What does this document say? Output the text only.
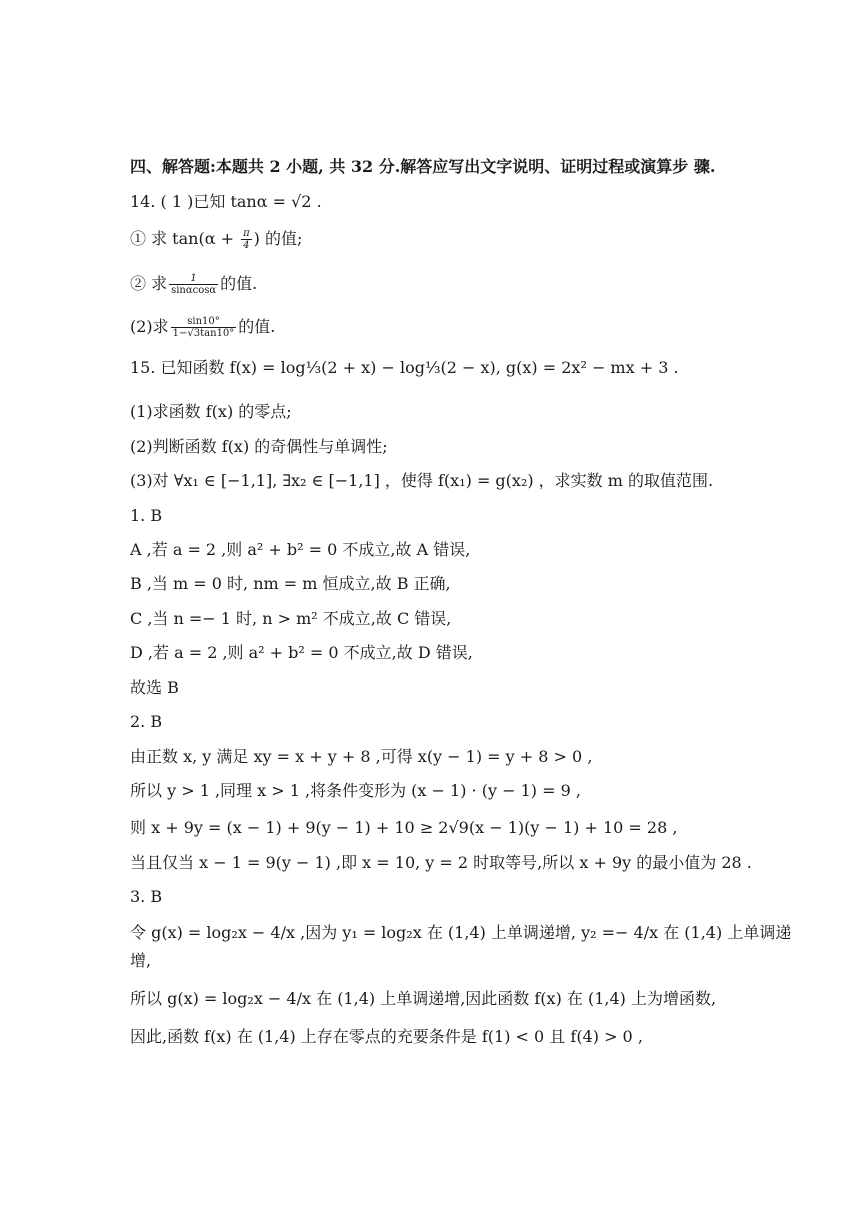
四、解答题:本题共 2 小题, 共 32 分.解答应写出文字说明、证明过程或演算步 骤.
14. ( 1 )已知 tanα = √2 .
① 求 $\tan(\alpha + \frac{\pi}{4}$ ) 的值;
② 求 $\frac{1}{\sin\alpha\cos\alpha}$ 的值.
(2)求 $\frac{\sin 10^\circ}{1-√3\tan 10^\circ}$ 的值.
15. 已知函数 f(x) = log⅓(2 + x) − log⅓(2 − x), g(x) = 2x² − mx + 3 .
(1)求函数 f(x) 的零点;
(2)判断函数 f(x) 的奇偶性与单调性;
(3)对 ∀x₁ ∈ [−1,1], ∃x₂ ∈ [−1,1] ，使得 f(x₁) = g(x₂) ，求实数 m 的取值范围.
1. B
A ,若 a = 2 ,则 a² + b² = 0 不成立,故 A 错误,
B ,当 m = 0 时, nm = m 恒成立,故 B 正确,
C ,当 n =− 1 时, n > m² 不成立,故 C 错误,
D ,若 a = 2 ,则 a² + b² = 0 不成立,故 D 错误,
故选 B
2. B
由正数 x, y 满足 xy = x + y + 8 ,可得 x(y − 1) = y + 8 > 0 ,
所以 y > 1 ,同理 x > 1 ,将条件变形为 (x − 1) · (y − 1) = 9 ,
则 x + 9y = (x − 1) + 9(y − 1) + 10 ≥ 2√9(x − 1)(y − 1) + 10 = 28 ,
当且仅当 x − 1 = 9(y − 1) ,即 x = 10, y = 2 时取等号,所以 x + 9y 的最小值为 28 .
3. B
令 g(x) = log₂x − 4/x ,因为 y₁ = log₂x 在 (1,4) 上单调递增, y₂ =− 4/x 在 (1,4) 上单调递
增,
所以 g(x) = log₂x − 4/x 在 (1,4) 上单调递增,因此函数 f(x) 在 (1,4) 上为增函数,
因此,函数 f(x) 在 (1,4) 上存在零点的充要条件是 f(1) < 0 且 f(4) > 0 ,
